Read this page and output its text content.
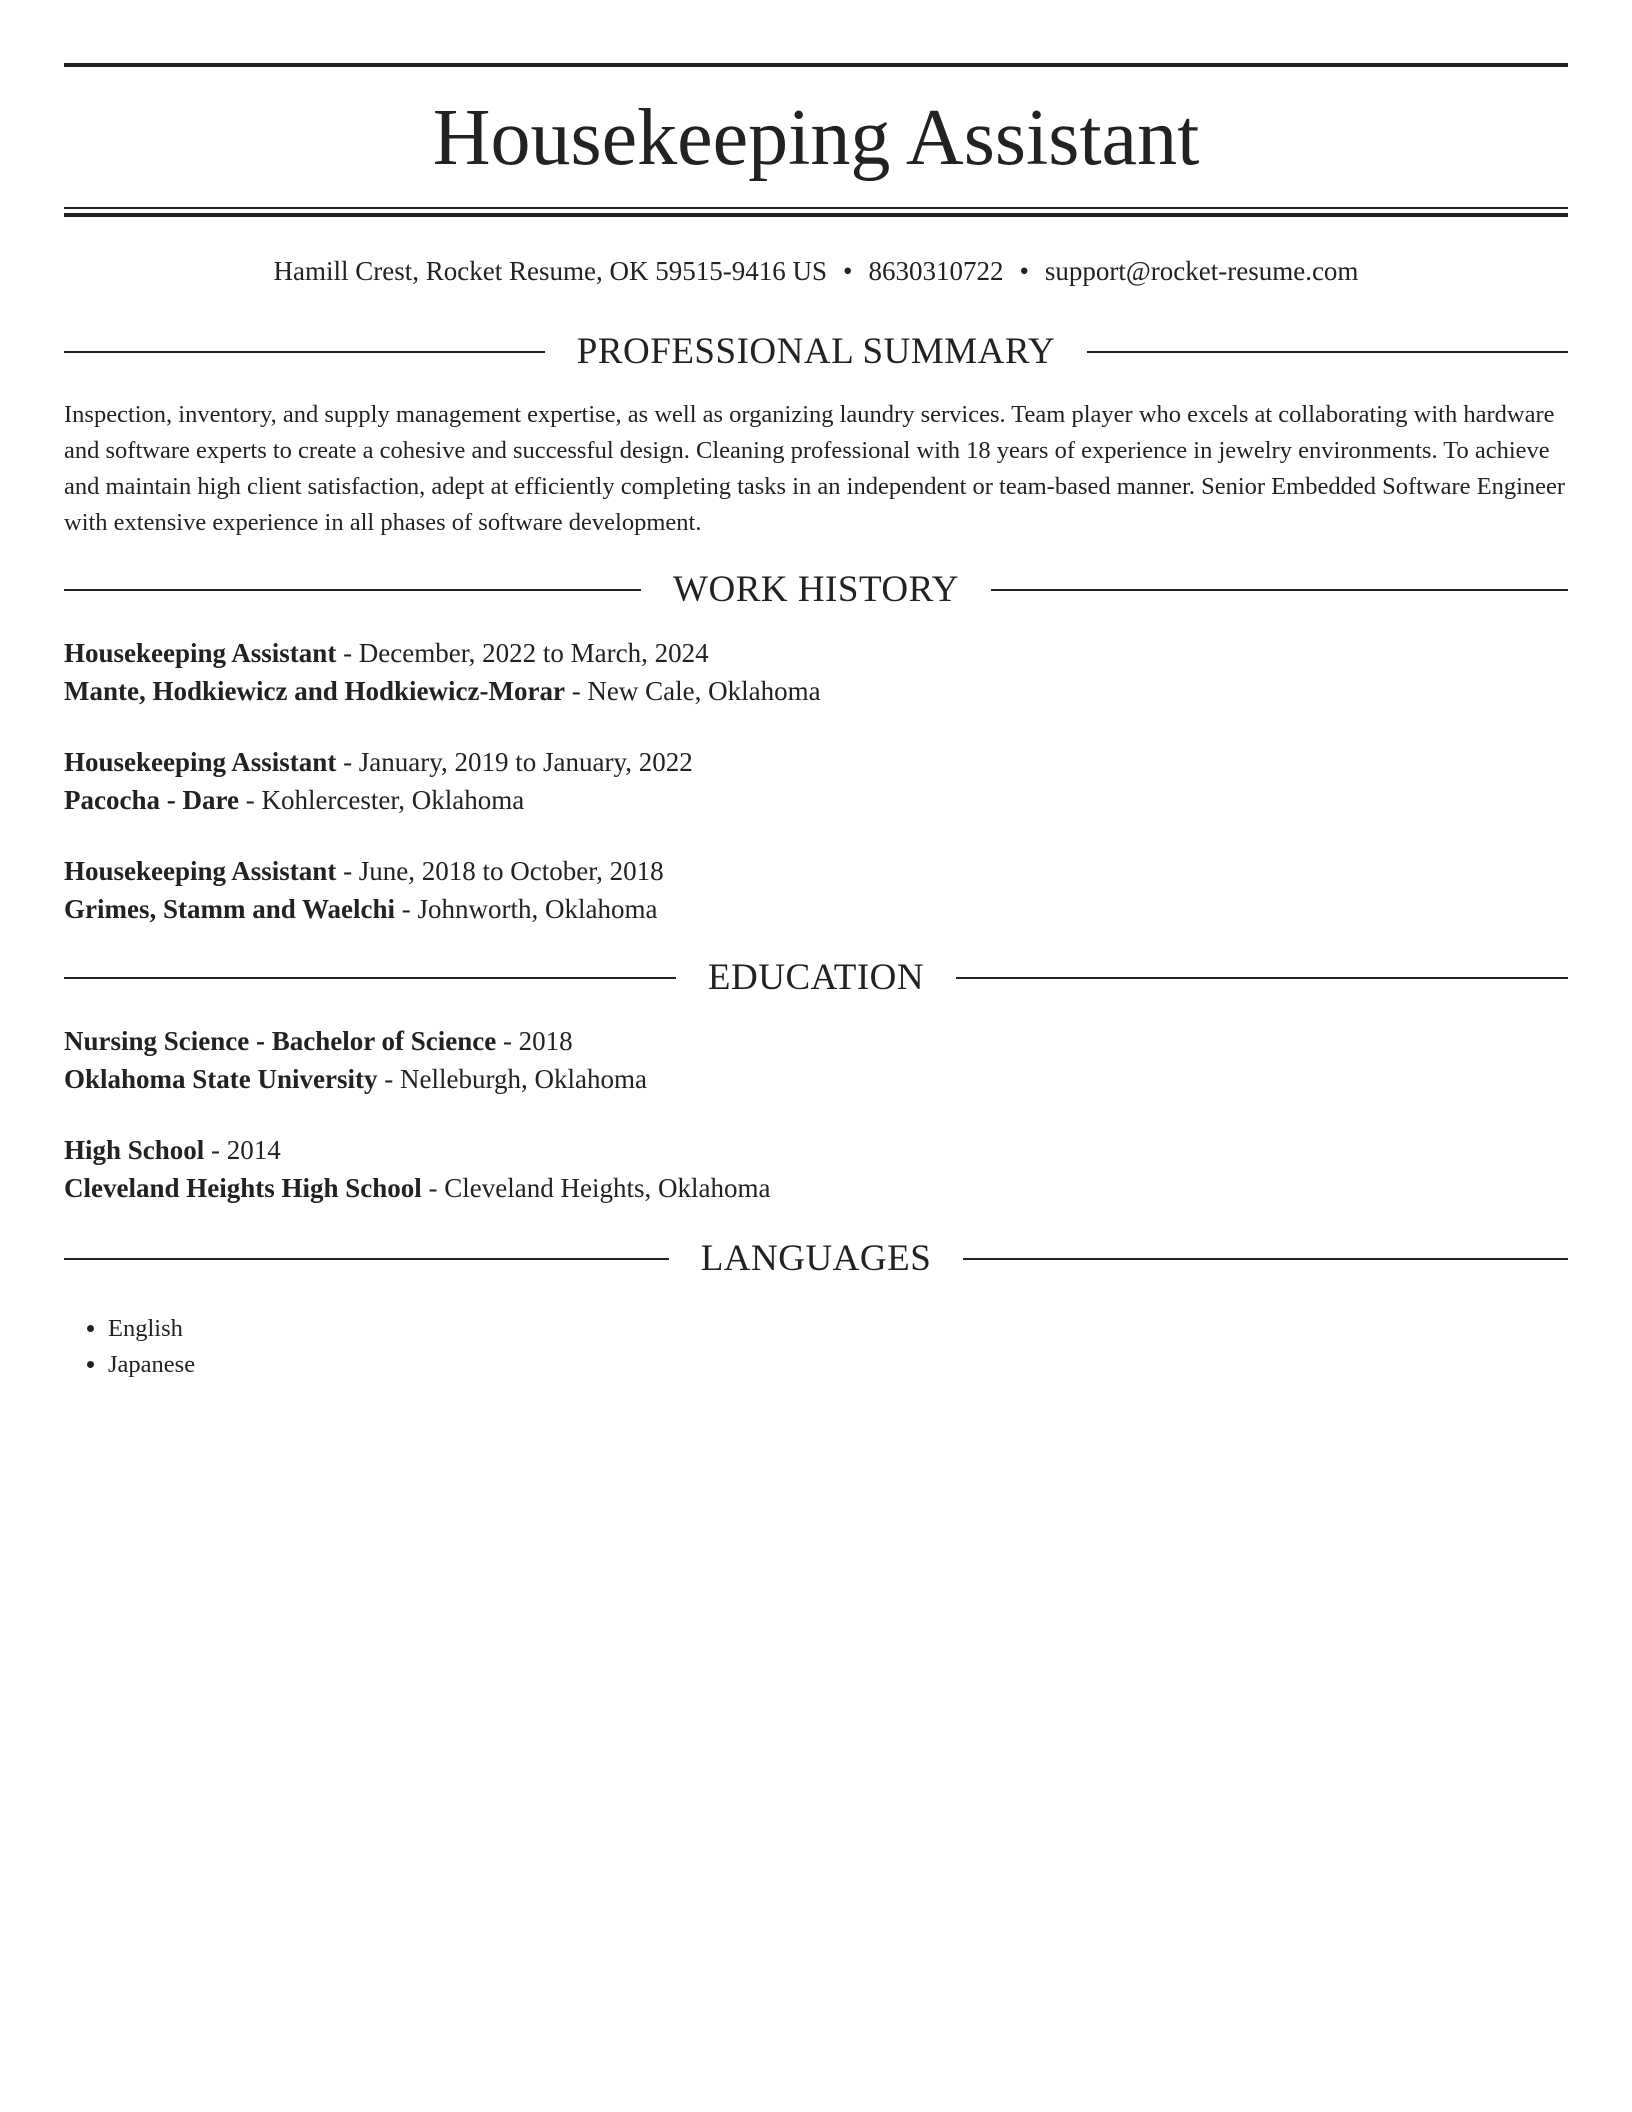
Housekeeping Assistant
Hamill Crest, Rocket Resume, OK 59515-9416 US • 8630310722 • support@rocket-resume.com
PROFESSIONAL SUMMARY

Inspection, inventory, and supply management expertise, as well as organizing laundry services. Team player who excels at collaborating with hardware and software experts to create a cohesive and successful design. Cleaning professional with 18 years of experience in jewelry environments. To achieve and maintain high client satisfaction, adept at efficiently completing tasks in an independent or team-based manner. Senior Embedded Software Engineer with extensive experience in all phases of software development.

WORK HISTORY
Housekeeping Assistant - December, 2022 to March, 2024
Mante, Hodkiewicz and Hodkiewicz-Morar - New Cale, Oklahoma
Housekeeping Assistant - January, 2019 to January, 2022
Pacocha - Dare - Kohlercester, Oklahoma
Housekeeping Assistant - June, 2018 to October, 2018
Grimes, Stamm and Waelchi - Johnworth, Oklahoma
EDUCATION
Nursing Science - Bachelor of Science - 2018
Oklahoma State University - Nelleburgh, Oklahoma
High School - 2014
Cleveland Heights High School - Cleveland Heights, Oklahoma
LANGUAGES
• English
• Japanese
